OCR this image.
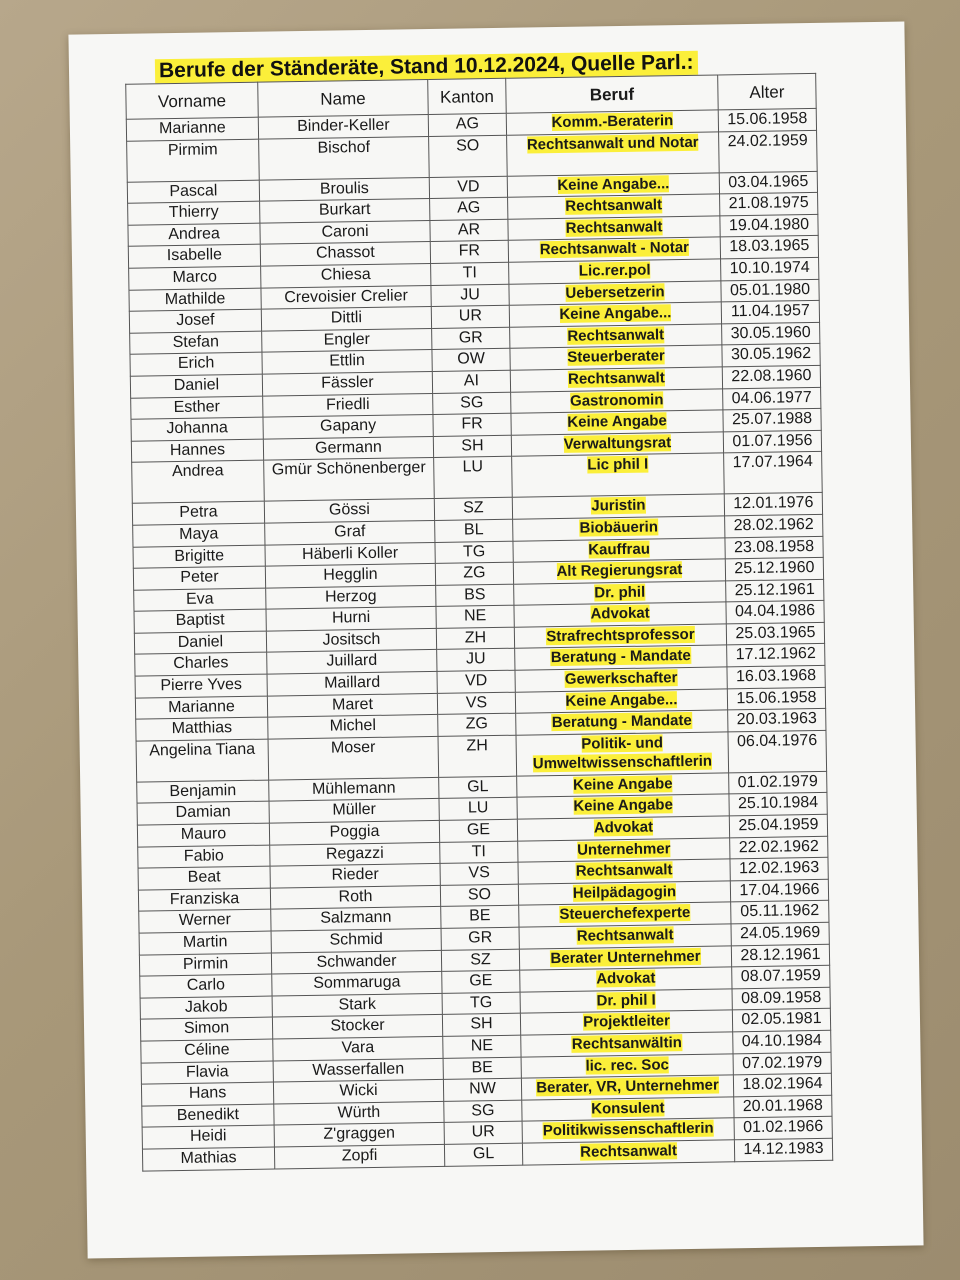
Berufe der Ständeräte, Stand 10.12.2024, Quelle Parl.:
Vorname	Name	Kanton	Beruf	Alter
Marianne	Binder-Keller	AG	Komm.-Beraterin	15.06.1958
Pirmim	Bischof	SO	Rechtsanwalt und Notar	24.02.1959
Pascal	Broulis	VD	Keine Angabe...	03.04.1965
Thierry	Burkart	AG	Rechtsanwalt	21.08.1975
Andrea	Caroni	AR	Rechtsanwalt	19.04.1980
Isabelle	Chassot	FR	Rechtsanwalt - Notar	18.03.1965
Marco	Chiesa	TI	Lic.rer.pol	10.10.1974
Mathilde	Crevoisier Crelier	JU	Uebersetzerin	05.01.1980
Josef	Dittli	UR	Keine Angabe...	11.04.1957
Stefan	Engler	GR	Rechtsanwalt	30.05.1960
Erich	Ettlin	OW	Steuerberater	30.05.1962
Daniel	Fässler	AI	Rechtsanwalt	22.08.1960
Esther	Friedli	SG	Gastronomin	04.06.1977
Johanna	Gapany	FR	Keine Angabe	25.07.1988
Hannes	Germann	SH	Verwaltungsrat	01.07.1956
Andrea	Gmür Schönenberger	LU	Lic phil I	17.07.1964
Petra	Gössi	SZ	Juristin	12.01.1976
Maya	Graf	BL	Biobäuerin	28.02.1962
Brigitte	Häberli Koller	TG	Kauffrau	23.08.1958
Peter	Hegglin	ZG	Alt Regierungsrat	25.12.1960
Eva	Herzog	BS	Dr. phil	25.12.1961
Baptist	Hurni	NE	Advokat	04.04.1986
Daniel	Jositsch	ZH	Strafrechtsprofessor	25.03.1965
Charles	Juillard	JU	Beratung - Mandate	17.12.1962
Pierre Yves	Maillard	VD	Gewerkschafter	16.03.1968
Marianne	Maret	VS	Keine Angabe...	15.06.1958
Matthias	Michel	ZG	Beratung - Mandate	20.03.1963
Angelina Tiana	Moser	ZH	Politik- und Umweltwissenschaftlerin	06.04.1976
Benjamin	Mühlemann	GL	Keine Angabe	01.02.1979
Damian	Müller	LU	Keine Angabe	25.10.1984
Mauro	Poggia	GE	Advokat	25.04.1959
Fabio	Regazzi	TI	Unternehmer	22.02.1962
Beat	Rieder	VS	Rechtsanwalt	12.02.1963
Franziska	Roth	SO	Heilpädagogin	17.04.1966
Werner	Salzmann	BE	Steuerchefexperte	05.11.1962
Martin	Schmid	GR	Rechtsanwalt	24.05.1969
Pirmin	Schwander	SZ	Berater Unternehmer	28.12.1961
Carlo	Sommaruga	GE	Advokat	08.07.1959
Jakob	Stark	TG	Dr. phil I	08.09.1958
Simon	Stocker	SH	Projektleiter	02.05.1981
Céline	Vara	NE	Rechtsanwältin	04.10.1984
Flavia	Wasserfallen	BE	lic. rec. Soc	07.02.1979
Hans	Wicki	NW	Berater, VR, Unternehmer	18.02.1964
Benedikt	Würth	SG	Konsulent	20.01.1968
Heidi	Z'graggen	UR	Politikwissenschaftlerin	01.02.1966
Mathias	Zopfi	GL	Rechtsanwalt	14.12.1983
